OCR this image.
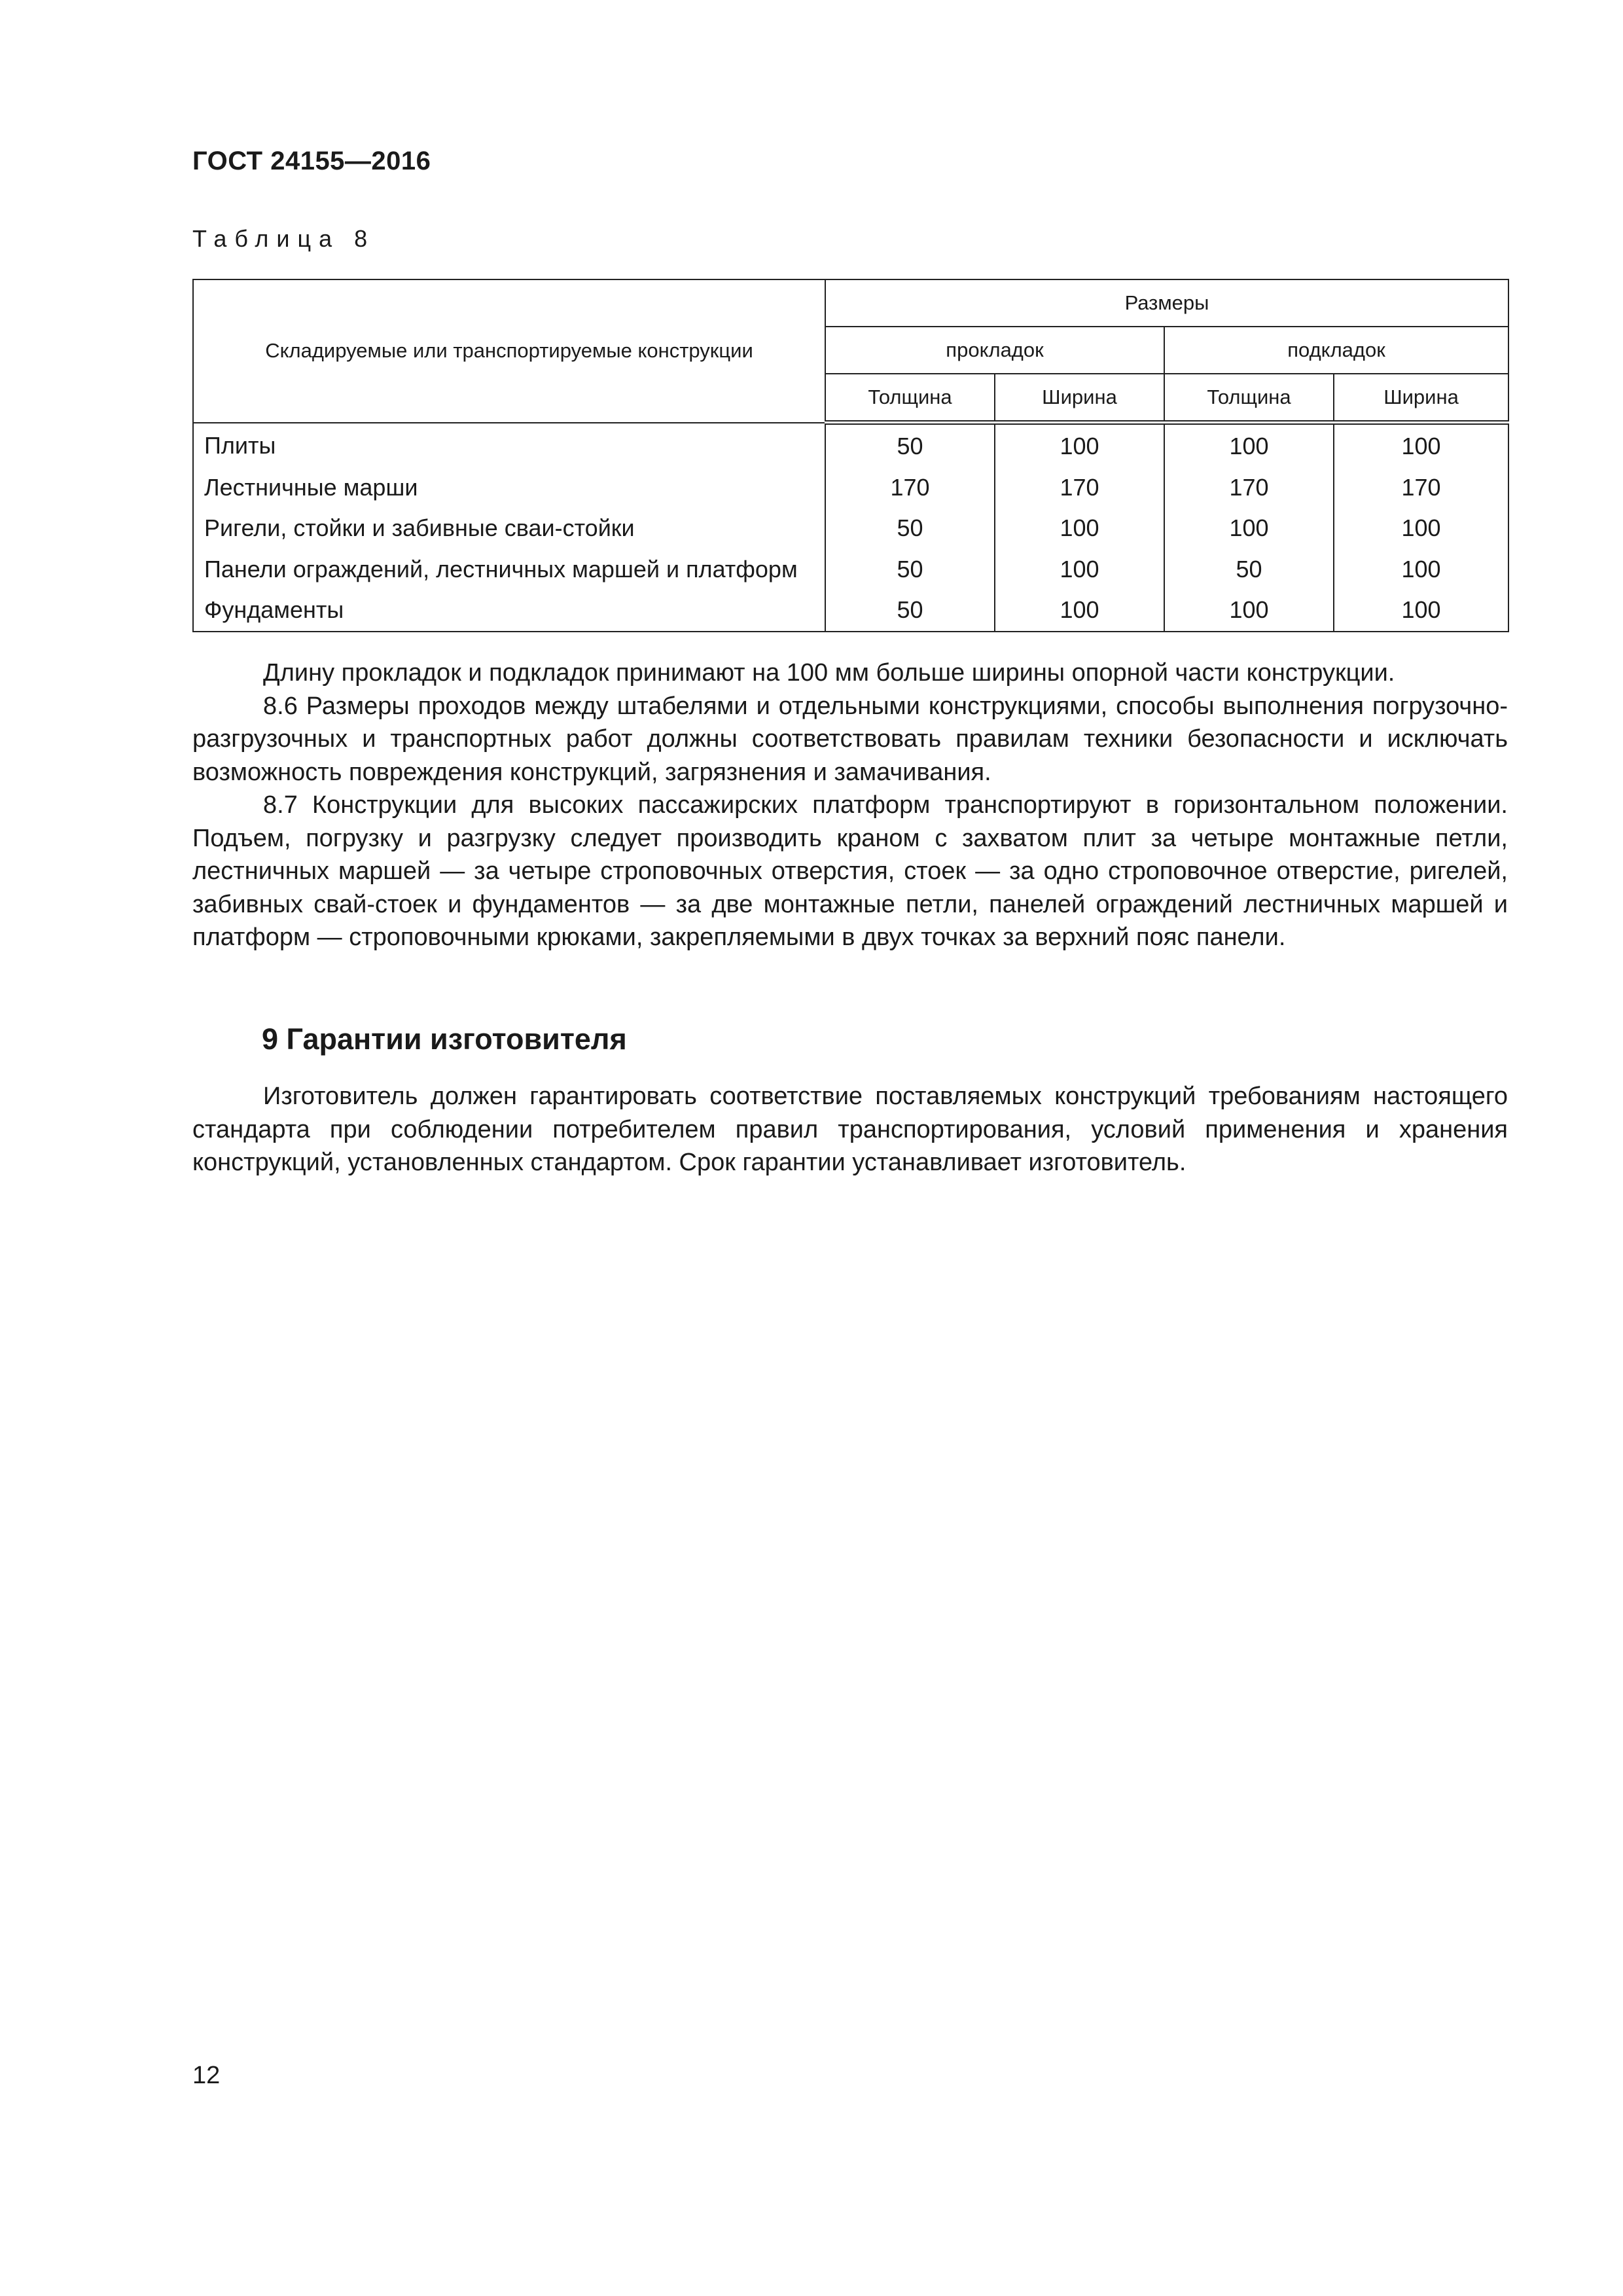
ГОСТ 24155—2016
Таблица 8
Складируемые или транспортируемые конструкции	Размеры			
	прокладок		подкладок	
	Толщина	Ширина	Толщина	Ширина
Плиты	50	100	100	100
Лестничные марши	170	170	170	170
Ригели, стойки и забивные сваи-стойки	50	100	100	100
Панели ограждений, лестничных маршей и платформ	50	100	50	100
Фундаменты	50	100	100	100

Длину прокладок и подкладок принимают на 100 мм больше ширины опорной части конструкции.

8.6 Размеры проходов между штабелями и отдельными конструкциями, способы выполнения погрузочно-разгрузочных и транспортных работ должны соответствовать правилам техники безопасности и исключать возможность повреждения конструкций, загрязнения и замачивания.

8.7 Конструкции для высоких пассажирских платформ транспортируют в горизонтальном положении. Подъем, погрузку и разгрузку следует производить краном с захватом плит за четыре монтажные петли, лестничных маршей — за четыре строповочных отверстия, стоек — за одно строповочное отверстие, ригелей, забивных свай-стоек и фундаментов — за две монтажные петли, панелей ограждений лестничных маршей и платформ — строповочными крюками, закрепляемыми в двух точках за верхний пояс панели.

9 Гарантии изготовителя

Изготовитель должен гарантировать соответствие поставляемых конструкций требованиям настоящего стандарта при соблюдении потребителем правил транспортирования, условий применения и хранения конструкций, установленных стандартом. Срок гарантии устанавливает изготовитель.

12
